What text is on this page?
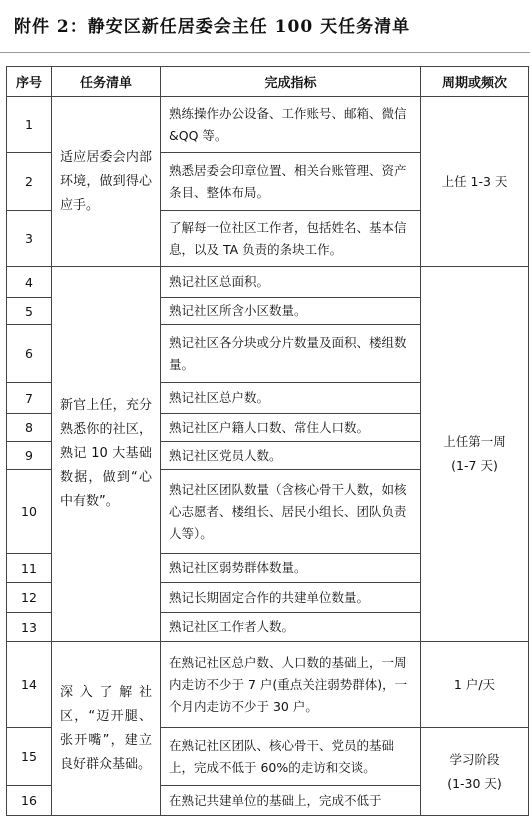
附件 2：静安区新任居委会主任 100 天任务清单
序号	任务清单	完成指标	周期或频次
1	适应居委会内部环境，做到得心应手。	熟练操作办公设备、工作账号、邮箱、微信&QQ 等。	上任 1-3 天

2		熟悉居委会印章位置、相关台账管理、资产条目、整体布局。	
3		了解每一位社区工作者，包括姓名、基本信息，以及 TA 负责的条块工作。	
4	新官上任，充分熟悉你的社区，熟记 10 大基础数据，做到“心中有数”。	熟记社区总面积。	上任第一周
(1-7 天)

5		熟记社区所含小区数量。	
6		熟记社区各分块或分片数量及面积、楼组数量。	
7		熟记社区总户数。	
8		熟记社区户籍人口数、常住人口数。	
9		熟记社区党员人数。	
10		熟记社区团队数量（含核心骨干人数，如核心志愿者、楼组长、居民小组长、团队负责人等）。	
11		熟记社区弱势群体数量。	
12		熟记长期固定合作的共建单位数量。	
13		熟记社区工作者人数。	
14	深入了解社区，“迈开腿、张开嘴”，建立良好群众基础。	在熟记社区总户数、人口数的基础上，一周内走访不少于 7 户(重点关注弱势群体)，一个月内走访不少于 30 户。	1 户/天

15		在熟记社区团队、核心骨干、党员的基础上，完成不低于 60%的走访和交谈。	学习阶段
(1-30 天)

16		在熟记共建单位的基础上，完成不低于	
